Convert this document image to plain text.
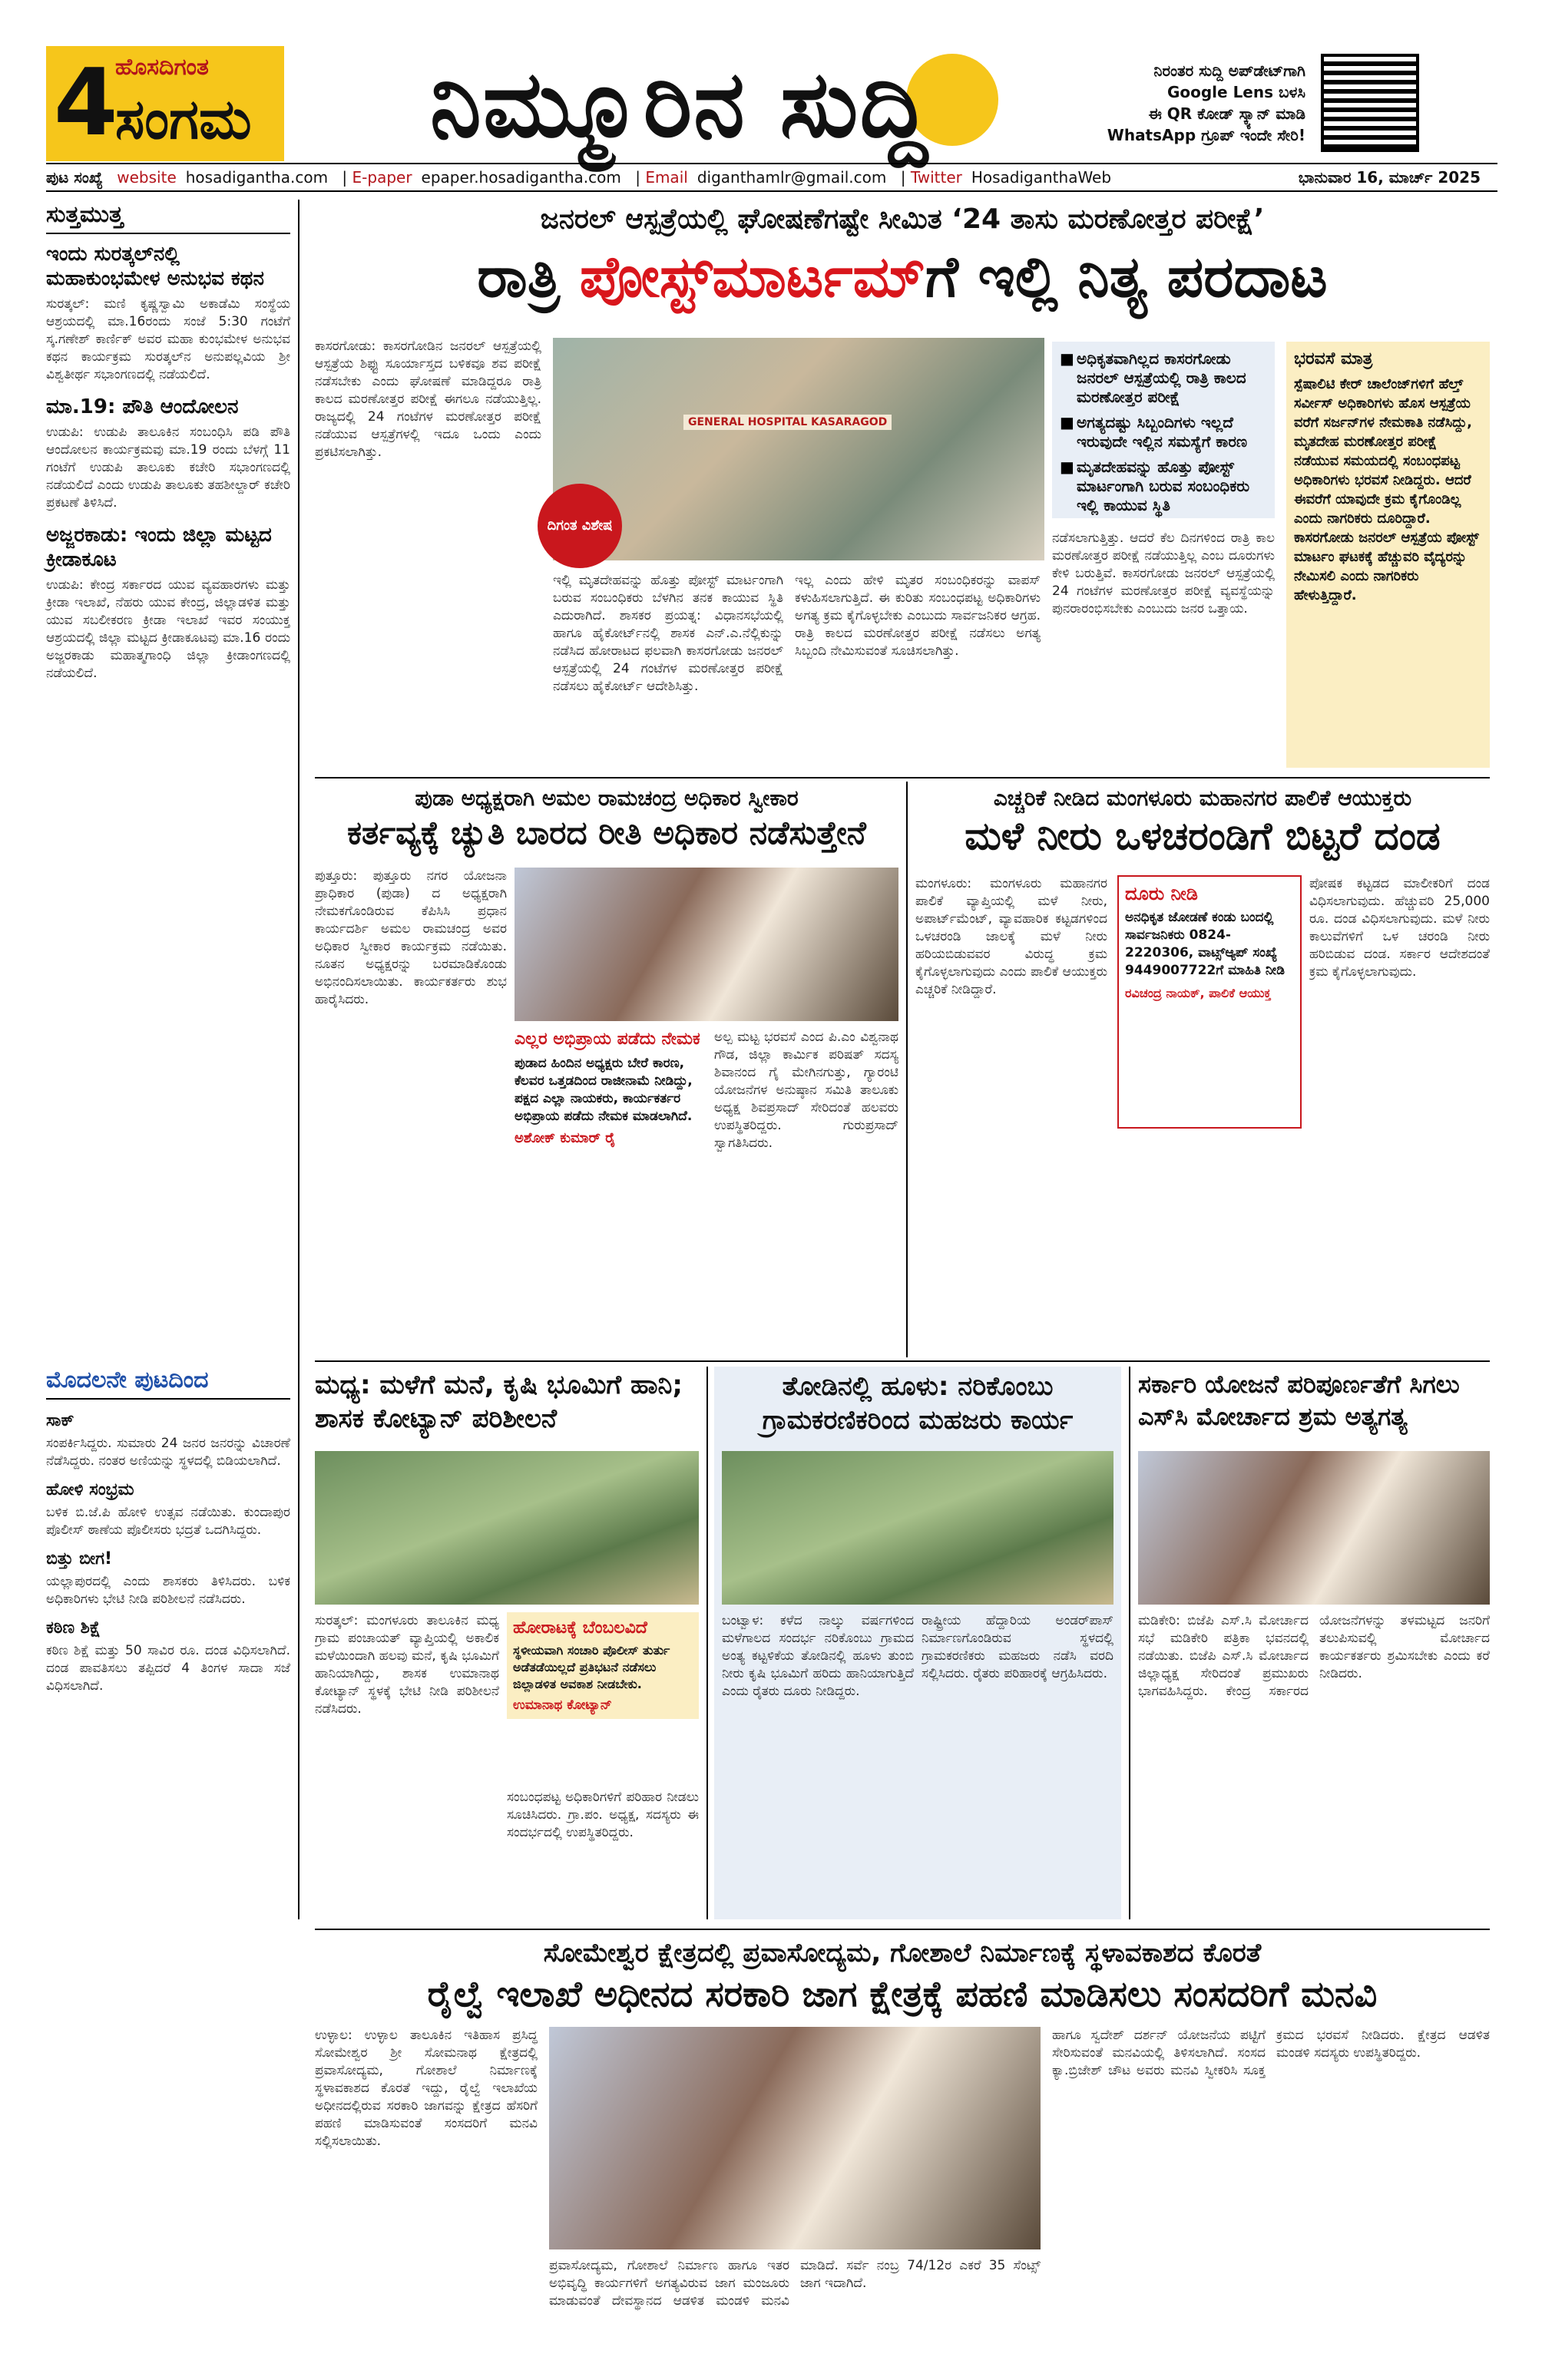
4
ಹೊಸದಿಗಂತ
ಸಂಗಮ ನಿಮ್ಮೂರಿನ ಸುದ್ದಿ	ನಿರಂತರ ಸುದ್ದಿ ಅಪ್‌ಡೇಟ್‌ಗಾಗಿ
Google Lens ಬಳಸಿ
ಈ QR ಕೋಡ್ ಸ್ಕ್ಯಾನ್ ಮಾಡಿ
WhatsApp ಗ್ರೂಪ್ ಇಂದೇ ಸೇರಿ!
ಪುಟ ಸಂಖ್ಯೆ website hosadigantha.com | E-paper epaper.hosadigantha.com | Email diganthamlr@gmail.com | Twitter HosadiganthaWeb	ಭಾನುವಾರ 16, ಮಾರ್ಚ್ 2025
ಸುತ್ತಮುತ್ತ
ಇಂದು ಸುರತ್ಕಲ್‌ನಲ್ಲಿ ಮಹಾಕುಂಭಮೇಳ ಅನುಭವ ಕಥನ
ಸುರತ್ಕಲ್: ಮಣಿ ಕೃಷ್ಣಸ್ವಾಮಿ ಅಕಾಡೆಮಿ ಸಂಸ್ಥೆಯ ಆಶ್ರಯದಲ್ಲಿ ಮಾ.16ರಂದು ಸಂಜೆ 5:30 ಗಂಟೆಗೆ ಸ್ಕ.ಗಣೇಶ್ ಕಾರ್ಣಿಕ್ ಅವರ ಮಹಾ ಕುಂಭಮೇಳ ಅನುಭವ ಕಥನ ಕಾರ್ಯಕ್ರಮ ಸುರತ್ಕಲ್‌ನ ಅನುಪಲ್ಲವಿಯ ಶ್ರೀ ವಿಶ್ವತೀರ್ಥ ಸಭಾಂಗಣದಲ್ಲಿ ನಡೆಯಲಿದೆ.
ಮಾ.19: ಪೌತಿ ಆಂದೋಲನ
ಉಡುಪಿ: ಉಡುಪಿ ತಾಲೂಕಿನ ಸಂಬಂಧಿಸಿ ಪಡಿ ಪೌತಿ ಆಂದೋಲನ ಕಾರ್ಯಕ್ರಮವು ಮಾ.19 ರಂದು ಬೆಳಗ್ಗೆ 11 ಗಂಟೆಗೆ ಉಡುಪಿ ತಾಲೂಕು ಕಚೇರಿ ಸಭಾಂಗಣದಲ್ಲಿ ನಡೆಯಲಿದೆ ಎಂದು ಉಡುಪಿ ತಾಲೂಕು ತಹಶೀಲ್ದಾರ್ ಕಚೇರಿ ಪ್ರಕಟಣೆ ತಿಳಿಸಿದೆ.
ಅಜ್ಜರಕಾಡು: ಇಂದು ಜಿಲ್ಲಾ ಮಟ್ಟದ ಕ್ರೀಡಾಕೂಟ
ಉಡುಪಿ: ಕೇಂದ್ರ ಸರ್ಕಾರದ ಯುವ ವ್ಯವಹಾರಗಳು ಮತ್ತು ಕ್ರೀಡಾ ಇಲಾಖೆ, ನೆಹರು ಯುವ ಕೇಂದ್ರ, ಜಿಲ್ಲಾಡಳಿತ ಮತ್ತು ಯುವ ಸಬಲೀಕರಣ ಕ್ರೀಡಾ ಇಲಾಖೆ ಇವರ ಸಂಯುಕ್ತ ಆಶ್ರಯದಲ್ಲಿ ಜಿಲ್ಲಾ ಮಟ್ಟದ ಕ್ರೀಡಾಕೂಟವು ಮಾ.16 ರಂದು ಅಜ್ಜರಕಾಡು ಮಹಾತ್ಮಗಾಂಧಿ ಜಿಲ್ಲಾ ಕ್ರೀಡಾಂಗಣದಲ್ಲಿ ನಡೆಯಲಿದೆ.
ಮೊದಲನೇ ಪುಟದಿಂದ
ಸಾಕ್
ಸಂಪರ್ಕಿಸಿದ್ದರು. ಸುಮಾರು 24 ಜನರ ಜನರನ್ನು ವಿಚಾರಣೆ ನೆಡೆಸಿದ್ದರು. ನಂತರ ಅಣಿಯನ್ನು ಸ್ಥಳದಲ್ಲಿ ಬಿಡಿಯಲಾಗಿದೆ.
ಹೋಳಿ ಸಂಭ್ರಮ
ಬಳಿಕ ಬಿ.ಜೆ.ಪಿ ಹೋಳಿ ಉತ್ಸವ ನಡೆಯಿತು. ಕುಂದಾಪುರ ಪೊಲೀಸ್ ಠಾಣೆಯ ಪೊಲೀಸರು ಭದ್ರತೆ ಒದಗಿಸಿದ್ದರು.
ಬಿತ್ತು ಬೀಗ!
ಯಲ್ಲಾಪುರದಲ್ಲಿ ಎಂದು ಶಾಸಕರು ತಿಳಿಸಿದರು. ಬಳಿಕ ಅಧಿಕಾರಿಗಳು ಭೇಟಿ ನೀಡಿ ಪರಿಶೀಲನೆ ನಡೆಸಿದರು.
ಕಠಿಣ ಶಿಕ್ಷೆ
ಕಠಿಣ ಶಿಕ್ಷೆ ಮತ್ತು 50 ಸಾವಿರ ರೂ. ದಂಡ ವಿಧಿಸಲಾಗಿದೆ. ದಂಡ ಪಾವತಿಸಲು ತಪ್ಪಿದರೆ 4 ತಿಂಗಳ ಸಾದಾ ಸಜೆ ವಿಧಿಸಲಾಗಿದೆ.
ಜನರಲ್ ಆಸ್ಪತ್ರೆಯಲ್ಲಿ ಘೋಷಣೆಗಷ್ಟೇ ಸೀಮಿತ ‘24 ತಾಸು ಮರಣೋತ್ತರ ಪರೀಕ್ಷೆ’
ರಾತ್ರಿ ಪೋಸ್ಟ್‌ಮಾರ್ಟಮ್‌ಗೆ ಇಲ್ಲಿ ನಿತ್ಯ ಪರದಾಟ
GENERAL HOSPITAL KASARAGOD
ದಿಗಂತ ವಿಶೇಷ
ಕಾಸರಗೋಡು: ಕಾಸರಗೋಡಿನ ಜನರಲ್ ಆಸ್ಪತ್ರೆಯಲ್ಲಿ ಆಸ್ಪತ್ರೆಯ ಶಿಫ್ಟು ಸೂರ್ಯಾಸ್ತದ ಬಳಿಕವೂ ಶವ ಪರೀಕ್ಷೆ ನಡೆಸಬೇಕು ಎಂದು ಘೋಷಣೆ ಮಾಡಿದ್ದರೂ ರಾತ್ರಿ ಕಾಲದ ಮರಣೋತ್ತರ ಪರೀಕ್ಷೆ ಈಗಲೂ ನಡೆಯುತ್ತಿಲ್ಲ. ರಾಜ್ಯದಲ್ಲಿ 24 ಗಂಟೆಗಳ ಮರಣೋತ್ತರ ಪರೀಕ್ಷೆ ನಡೆಯುವ ಆಸ್ಪತ್ರೆಗಳಲ್ಲಿ ಇದೂ ಒಂದು ಎಂದು ಪ್ರಕಟಿಸಲಾಗಿತ್ತು.
ಇಲ್ಲಿ ಮೃತದೇಹವನ್ನು ಹೊತ್ತು ಪೋಸ್ಟ್ ಮಾರ್ಟಂಗಾಗಿ ಬರುವ ಸಂಬಂಧಿಕರು ಬೆಳಗಿನ ತನಕ ಕಾಯುವ ಸ್ಥಿತಿ ಎದುರಾಗಿದೆ. ಶಾಸಕರ ಪ್ರಯತ್ನ: ವಿಧಾನಸಭೆಯಲ್ಲಿ ಹಾಗೂ ಹೈಕೋರ್ಟ್‌ನಲ್ಲಿ ಶಾಸಕ ಎನ್.ಎ.ನೆಲ್ಲಿಕುನ್ನು ನಡೆಸಿದ ಹೋರಾಟದ ಫಲವಾಗಿ ಕಾಸರಗೋಡು ಜನರಲ್ ಆಸ್ಪತ್ರೆಯಲ್ಲಿ 24 ಗಂಟೆಗಳ ಮರಣೋತ್ತರ ಪರೀಕ್ಷೆ ನಡೆಸಲು ಹೈಕೋರ್ಟ್ ಆದೇಶಿಸಿತ್ತು.
ಇಲ್ಲ ಎಂದು ಹೇಳಿ ಮೃತರ ಸಂಬಂಧಿಕರನ್ನು ವಾಪಸ್ ಕಳುಹಿಸಲಾಗುತ್ತಿದೆ. ಈ ಕುರಿತು ಸಂಬಂಧಪಟ್ಟ ಅಧಿಕಾರಿಗಳು ಅಗತ್ಯ ಕ್ರಮ ಕೈಗೊಳ್ಳಬೇಕು ಎಂಬುದು ಸಾರ್ವಜನಿಕರ ಆಗ್ರಹ. ರಾತ್ರಿ ಕಾಲದ ಮರಣೋತ್ತರ ಪರೀಕ್ಷೆ ನಡೆಸಲು ಅಗತ್ಯ ಸಿಬ್ಬಂದಿ ನೇಮಿಸುವಂತೆ ಸೂಚಿಸಲಾಗಿತ್ತು.
■ ಅಧಿಕೃತವಾಗಿಲ್ಲದ ಕಾಸರಗೋಡು ಜನರಲ್ ಆಸ್ಪತ್ರೆಯಲ್ಲಿ ರಾತ್ರಿ ಕಾಲದ ಮರಣೋತ್ತರ ಪರೀಕ್ಷೆ
■ ಅಗತ್ಯದಷ್ಟು ಸಿಬ್ಬಂದಿಗಳು ಇಲ್ಲದೆ ಇರುವುದೇ ಇಲ್ಲಿನ ಸಮಸ್ಯೆಗೆ ಕಾರಣ
■ ಮೃತದೇಹವನ್ನು ಹೊತ್ತು ಪೋಸ್ಟ್ ಮಾರ್ಟಂಗಾಗಿ ಬರುವ ಸಂಬಂಧಿಕರು ಇಲ್ಲಿ ಕಾಯುವ ಸ್ಥಿತಿ
ನಡೆಸಲಾಗುತ್ತಿತ್ತು. ಆದರೆ ಕೆಲ ದಿನಗಳಿಂದ ರಾತ್ರಿ ಕಾಲ ಮರಣೋತ್ತರ ಪರೀಕ್ಷೆ ನಡೆಯುತ್ತಿಲ್ಲ ಎಂಬ ದೂರುಗಳು ಕೇಳಿ ಬರುತ್ತಿವೆ. ಕಾಸರಗೋಡು ಜನರಲ್ ಆಸ್ಪತ್ರೆಯಲ್ಲಿ 24 ಗಂಟೆಗಳ ಮರಣೋತ್ತರ ಪರೀಕ್ಷೆ ವ್ಯವಸ್ಥೆಯನ್ನು ಪುನರಾರಂಭಿಸಬೇಕು ಎಂಬುದು ಜನರ ಒತ್ತಾಯ.
ಭರವಸೆ ಮಾತ್ರ
ಸ್ಪೆಷಾಲಿಟಿ ಕೇರ್ ಚಾಲೆಂಜ್‌ಗಳಿಗೆ ಹೆಲ್ತ್ ಸರ್ವೀಸ್ ಅಧಿಕಾರಿಗಳು ಹೊಸ ಆಸ್ಪತ್ರೆಯ ವರೆಗೆ ಸರ್ಜನ್‌ಗಳ ನೇಮಕಾತಿ ನಡೆಸಿದ್ದು, ಮೃತದೇಹ ಮರಣೋತ್ತರ ಪರೀಕ್ಷೆ ನಡೆಯುವ ಸಮಯದಲ್ಲಿ ಸಂಬಂಧಪಟ್ಟ ಅಧಿಕಾರಿಗಳು ಭರವಸೆ ನೀಡಿದ್ದರು. ಆದರೆ ಈವರೆಗೆ ಯಾವುದೇ ಕ್ರಮ ಕೈಗೊಂಡಿಲ್ಲ ಎಂದು ನಾಗರಿಕರು ದೂರಿದ್ದಾರೆ. ಕಾಸರಗೋಡು ಜನರಲ್ ಆಸ್ಪತ್ರೆಯ ಪೋಸ್ಟ್ ಮಾರ್ಟಂ ಘಟಕಕ್ಕೆ ಹೆಚ್ಚುವರಿ ವೈದ್ಯರನ್ನು ನೇಮಿಸಲಿ ಎಂದು ನಾಗರಿಕರು ಹೇಳುತ್ತಿದ್ದಾರೆ.
ಪುಡಾ ಅಧ್ಯಕ್ಷರಾಗಿ ಅಮಲ ರಾಮಚಂದ್ರ ಅಧಿಕಾರ ಸ್ವೀಕಾರ
ಕರ್ತವ್ಯಕ್ಕೆ ಚ್ಯುತಿ ಬಾರದ ರೀತಿ ಅಧಿಕಾರ ನಡೆಸುತ್ತೇನೆ
ಪುತ್ತೂರು: ಪುತ್ತೂರು ನಗರ ಯೋಜನಾ ಪ್ರಾಧಿಕಾರ (ಪುಡಾ) ದ ಅಧ್ಯಕ್ಷರಾಗಿ ನೇಮಕಗೊಂಡಿರುವ ಕೆಪಿಸಿಸಿ ಪ್ರಧಾನ ಕಾರ್ಯದರ್ಶಿ ಅಮಲ ರಾಮಚಂದ್ರ ಅವರ ಅಧಿಕಾರ ಸ್ವೀಕಾರ ಕಾರ್ಯಕ್ರಮ ನಡೆಯಿತು. ನೂತನ ಅಧ್ಯಕ್ಷರನ್ನು ಬರಮಾಡಿಕೊಂಡು ಅಭಿನಂದಿಸಲಾಯಿತು. ಕಾರ್ಯಕರ್ತರು ಶುಭ ಹಾರೈಸಿದರು.
ಎಲ್ಲರ ಅಭಿಪ್ರಾಯ ಪಡೆದು ನೇಮಕ
ಪುಡಾದ ಹಿಂದಿನ ಅಧ್ಯಕ್ಷರು ಬೇರೆ ಕಾರಣ, ಕೆಲವರ ಒತ್ತಡದಿಂದ ರಾಜೀನಾಮೆ ನೀಡಿದ್ದು, ಪಕ್ಷದ ಎಲ್ಲಾ ನಾಯಕರು, ಕಾರ್ಯಕರ್ತರ ಅಭಿಪ್ರಾಯ ಪಡೆದು ನೇಮಕ ಮಾಡಲಾಗಿದೆ.
ಅಶೋಕ್ ಕುಮಾರ್ ರೈ
ಅಲ್ಪ ಮಟ್ಟ ಭರವಸೆ ಎಂದ ಪಿ.ಎಂ ವಿಶ್ವನಾಥ ಗೌಡ, ಜಿಲ್ಲಾ ಕಾರ್ಮಿಕ ಪರಿಷತ್ ಸದಸ್ಯ ಶಿವಾನಂದ ಗೈ ಮೇಗಿನಗುತ್ತು, ಗ್ಯಾರಂಟಿ ಯೋಜನೆಗಳ ಅನುಷ್ಠಾನ ಸಮಿತಿ ತಾಲೂಕು ಅಧ್ಯಕ್ಷ ಶಿವಪ್ರಸಾದ್ ಸೇರಿದಂತೆ ಹಲವರು ಉಪಸ್ಥಿತರಿದ್ದರು. ಗುರುಪ್ರಸಾದ್ ಸ್ವಾಗತಿಸಿದರು.
ಎಚ್ಚರಿಕೆ ನೀಡಿದ ಮಂಗಳೂರು ಮಹಾನಗರ ಪಾಲಿಕೆ ಆಯುಕ್ತರು
ಮಳೆ ನೀರು ಒಳಚರಂಡಿಗೆ ಬಿಟ್ಟರೆ ದಂಡ
ಮಂಗಳೂರು: ಮಂಗಳೂರು ಮಹಾನಗರ ಪಾಲಿಕೆ ವ್ಯಾಪ್ತಿಯಲ್ಲಿ ಮಳೆ ನೀರು, ಅಪಾರ್ಟ್‌ಮೆಂಟ್, ವ್ಯಾವಹಾರಿಕ ಕಟ್ಟಡಗಳಿಂದ ಒಳಚರಂಡಿ ಜಾಲಕ್ಕೆ ಮಳೆ ನೀರು ಹರಿಯಬಿಡುವವರ ವಿರುದ್ಧ ಕ್ರಮ ಕೈಗೊಳ್ಳಲಾಗುವುದು ಎಂದು ಪಾಲಿಕೆ ಆಯುಕ್ತರು ಎಚ್ಚರಿಕೆ ನೀಡಿದ್ದಾರೆ.
ದೂರು ನೀಡಿ
ಅನಧಿಕೃತ ಜೋಡಣೆ ಕಂಡು ಬಂದಲ್ಲಿ ಸಾರ್ವಜನಿಕರು 0824-2220306, ವಾಟ್ಸ್ಆ್ಯಪ್ ಸಂಖ್ಯೆ 9449007722ಗೆ ಮಾಹಿತಿ ನೀಡಿ
ರವಿಚಂದ್ರ ನಾಯಕ್, ಪಾಲಿಕೆ ಆಯುಕ್ತ
ಪೋಷಕ ಕಟ್ಟಡದ ಮಾಲೀಕರಿಗೆ ದಂಡ ವಿಧಿಸಲಾಗುವುದು. ಹೆಚ್ಚುವರಿ 25,000 ರೂ. ದಂಡ ವಿಧಿಸಲಾಗುವುದು. ಮಳೆ ನೀರು ಕಾಲುವೆಗಳಿಗೆ ಒಳ ಚರಂಡಿ ನೀರು ಹರಿಬಿಡುವ ದಂಡ. ಸರ್ಕಾರ ಆದೇಶದಂತೆ ಕ್ರಮ ಕೈಗೊಳ್ಳಲಾಗುವುದು.
ಮಧ್ಯ: ಮಳೆಗೆ ಮನೆ, ಕೃಷಿ ಭೂಮಿಗೆ ಹಾನಿ; ಶಾಸಕ ಕೋಟ್ಯಾನ್ ಪರಿಶೀಲನೆ
ಸುರತ್ಕಲ್: ಮಂಗಳೂರು ತಾಲೂಕಿನ ಮಧ್ಯ ಗ್ರಾಮ ಪಂಚಾಯತ್ ವ್ಯಾಪ್ತಿಯಲ್ಲಿ ಅಕಾಲಿಕ ಮಳೆಯಿಂದಾಗಿ ಹಲವು ಮನೆ, ಕೃಷಿ ಭೂಮಿಗೆ ಹಾನಿಯಾಗಿದ್ದು, ಶಾಸಕ ಉಮಾನಾಥ ಕೋಟ್ಯಾನ್ ಸ್ಥಳಕ್ಕೆ ಭೇಟಿ ನೀಡಿ ಪರಿಶೀಲನೆ ನಡೆಸಿದರು.
ಹೋರಾಟಕ್ಕೆ ಬೆಂಬಲವಿದೆ
ಸ್ಥಳೀಯವಾಗಿ ಸಂಚಾರಿ ಪೊಲೀಸ್ ತುರ್ತು ಅಡೆತಡೆಯಿಲ್ಲದೆ ಪ್ರತಿಭಟನೆ ನಡೆಸಲು ಜಿಲ್ಲಾಡಳಿತ ಅವಕಾಶ ನೀಡಬೇಕು.
ಉಮಾನಾಥ ಕೋಟ್ಯಾನ್
ಸಂಬಂಧಪಟ್ಟ ಅಧಿಕಾರಿಗಳಿಗೆ ಪರಿಹಾರ ನೀಡಲು ಸೂಚಿಸಿದರು. ಗ್ರಾ.ಪಂ. ಅಧ್ಯಕ್ಷ, ಸದಸ್ಯರು ಈ ಸಂದರ್ಭದಲ್ಲಿ ಉಪಸ್ಥಿತರಿದ್ದರು.
ತೋಡಿನಲ್ಲಿ ಹೂಳು: ನರಿಕೊಂಬು ಗ್ರಾಮಕರಣಿಕರಿಂದ ಮಹಜರು ಕಾರ್ಯ
ಬಂಟ್ವಾಳ: ಕಳೆದ ನಾಲ್ಕು ವರ್ಷಗಳಿಂದ ಮಳೆಗಾಲದ ಸಂದರ್ಭ ನರಿಕೊಂಬು ಗ್ರಾಮದ ಅಂತ್ಯ ಕಟ್ಟಳಿಕೆಯ ತೋಡಿನಲ್ಲಿ ಹೂಳು ತುಂಬಿ ನೀರು ಕೃಷಿ ಭೂಮಿಗೆ ಹರಿದು ಹಾನಿಯಾಗುತ್ತಿದೆ ಎಂದು ರೈತರು ದೂರು ನೀಡಿದ್ದರು.
ರಾಷ್ಟ್ರೀಯ ಹೆದ್ದಾರಿಯ ಅಂಡರ್‌ಪಾಸ್ ನಿರ್ಮಾಣಗೊಂಡಿರುವ ಸ್ಥಳದಲ್ಲಿ ಗ್ರಾಮಕರಣಿಕರು ಮಹಜರು ನಡೆಸಿ ವರದಿ ಸಲ್ಲಿಸಿದರು. ರೈತರು ಪರಿಹಾರಕ್ಕೆ ಆಗ್ರಹಿಸಿದರು.
ಸರ್ಕಾರಿ ಯೋಜನೆ ಪರಿಪೂರ್ಣತೆಗೆ ಸಿಗಲು ಎಸ್‌ಸಿ ಮೋರ್ಚಾದ ಶ್ರಮ ಅತ್ಯಗತ್ಯ
ಮಡಿಕೇರಿ: ಬಿಜೆಪಿ ಎಸ್.ಸಿ ಮೋರ್ಚಾದ ಸಭೆ ಮಡಿಕೇರಿ ಪತ್ರಿಕಾ ಭವನದಲ್ಲಿ ನಡೆಯಿತು. ಬಿಜೆಪಿ ಎಸ್.ಸಿ ಮೋರ್ಚಾದ ಜಿಲ್ಲಾಧ್ಯಕ್ಷ ಸೇರಿದಂತೆ ಪ್ರಮುಖರು ಭಾಗವಹಿಸಿದ್ದರು. ಕೇಂದ್ರ ಸರ್ಕಾರದ ಯೋಜನೆಗಳನ್ನು ತಳಮಟ್ಟದ ಜನರಿಗೆ ತಲುಪಿಸುವಲ್ಲಿ ಮೋರ್ಚಾದ ಕಾರ್ಯಕರ್ತರು ಶ್ರಮಿಸಬೇಕು ಎಂದು ಕರೆ ನೀಡಿದರು.
ಸೋಮೇಶ್ವರ ಕ್ಷೇತ್ರದಲ್ಲಿ ಪ್ರವಾಸೋದ್ಯಮ, ಗೋಶಾಲೆ ನಿರ್ಮಾಣಕ್ಕೆ ಸ್ಥಳಾವಕಾಶದ ಕೊರತೆ
ರೈಲ್ವೆ ಇಲಾಖೆ ಅಧೀನದ ಸರಕಾರಿ ಜಾಗ ಕ್ಷೇತ್ರಕ್ಕೆ ಪಹಣಿ ಮಾಡಿಸಲು ಸಂಸದರಿಗೆ ಮನವಿ
ಉಳ್ಳಾಲ: ಉಳ್ಳಾಲ ತಾಲೂಕಿನ ಇತಿಹಾಸ ಪ್ರಸಿದ್ಧ ಸೋಮೇಶ್ವರ ಶ್ರೀ ಸೋಮನಾಥ ಕ್ಷೇತ್ರದಲ್ಲಿ ಪ್ರವಾಸೋದ್ಯಮ, ಗೋಶಾಲೆ ನಿರ್ಮಾಣಕ್ಕೆ ಸ್ಥಳಾವಕಾಶದ ಕೊರತೆ ಇದ್ದು, ರೈಲ್ವೆ ಇಲಾಖೆಯ ಅಧೀನದಲ್ಲಿರುವ ಸರಕಾರಿ ಜಾಗವನ್ನು ಕ್ಷೇತ್ರದ ಹೆಸರಿಗೆ ಪಹಣಿ ಮಾಡಿಸುವಂತೆ ಸಂಸದರಿಗೆ ಮನವಿ ಸಲ್ಲಿಸಲಾಯಿತು.
ಪ್ರವಾಸೋದ್ಯಮ, ಗೋಶಾಲೆ ನಿರ್ಮಾಣ ಹಾಗೂ ಇತರ ಅಭಿವೃದ್ಧಿ ಕಾರ್ಯಗಳಿಗೆ ಅಗತ್ಯವಿರುವ ಜಾಗ ಮಂಜೂರು ಮಾಡುವಂತೆ ದೇವಸ್ಥಾನದ ಆಡಳಿತ ಮಂಡಳಿ ಮನವಿ ಮಾಡಿದೆ. ಸರ್ವೆ ನಂಬ್ರ 74/12ರ ಎಕರೆ 35 ಸೆಂಟ್ಸ್ ಜಾಗ ಇದಾಗಿದೆ.
ಹಾಗೂ ಸ್ವದೇಶ್ ದರ್ಶನ್ ಯೋಜನೆಯ ಪಟ್ಟಿಗೆ ಸೇರಿಸುವಂತೆ ಮನವಿಯಲ್ಲಿ ತಿಳಿಸಲಾಗಿದೆ. ಸಂಸದ ಕ್ಯಾ.ಬ್ರಿಜೇಶ್ ಚೌಟ ಅವರು ಮನವಿ ಸ್ವೀಕರಿಸಿ ಸೂಕ್ತ ಕ್ರಮದ ಭರವಸೆ ನೀಡಿದರು. ಕ್ಷೇತ್ರದ ಆಡಳಿತ ಮಂಡಳಿ ಸದಸ್ಯರು ಉಪಸ್ಥಿತರಿದ್ದರು.
